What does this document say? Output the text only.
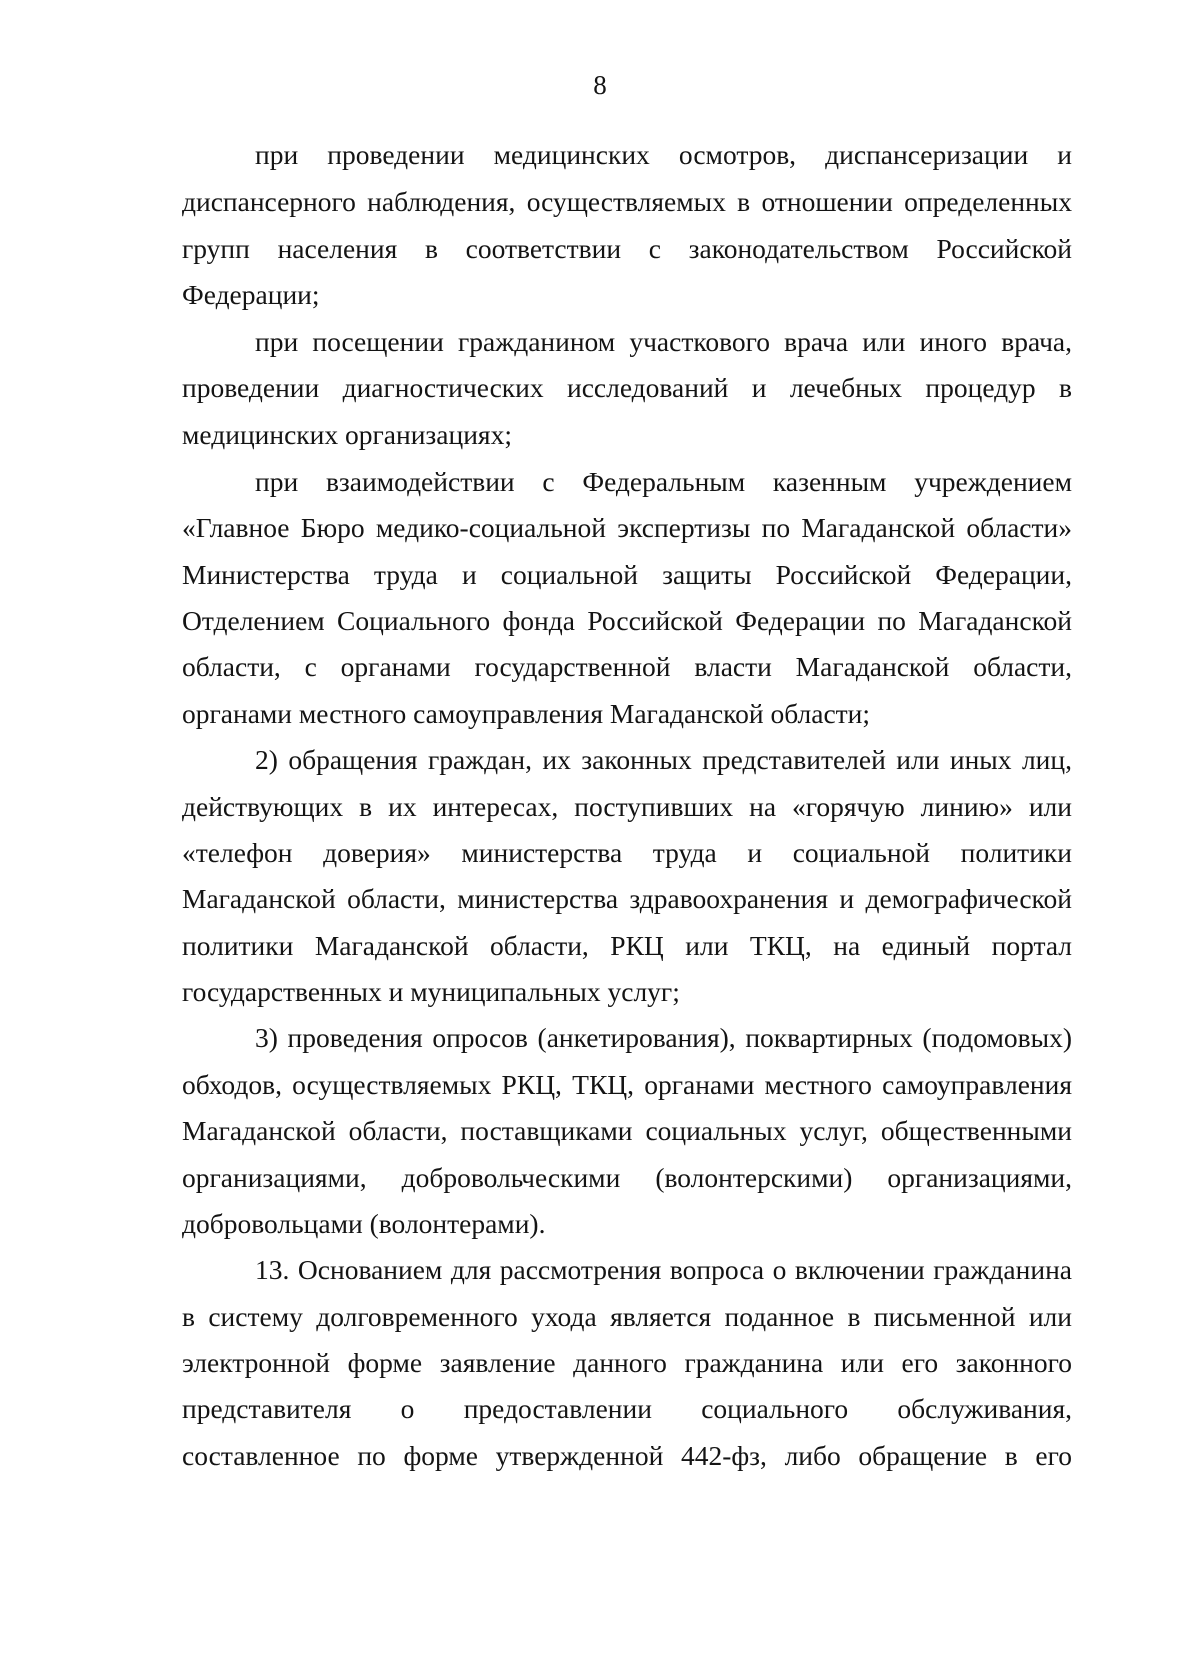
8
при проведении медицинских осмотров, диспансеризации и
диспансерного наблюдения, осуществляемых в отношении определенных
групп населения в соответствии с законодательством Российской
Федерации;
при посещении гражданином участкового врача или иного врача,
проведении диагностических исследований и лечебных процедур в
медицинских организациях;
при взаимодействии с Федеральным казенным учреждением
«Главное Бюро медико-социальной экспертизы по Магаданской области»
Министерства труда и социальной защиты Российской Федерации,
Отделением Социального фонда Российской Федерации по Магаданской
области, с органами государственной власти Магаданской области,
органами местного самоуправления Магаданской области;
2) обращения граждан, их законных представителей или иных лиц,
действующих в их интересах, поступивших на «горячую линию» или
«телефон доверия» министерства труда и социальной политики
Магаданской области, министерства здравоохранения и демографической
политики Магаданской области, РКЦ или ТКЦ, на единый портал
государственных и муниципальных услуг;
3) проведения опросов (анкетирования), поквартирных (подомовых)
обходов, осуществляемых РКЦ, ТКЦ, органами местного самоуправления
Магаданской области, поставщиками социальных услуг, общественными
организациями, добровольческими (волонтерскими) организациями,
добровольцами (волонтерами).
13. Основанием для рассмотрения вопроса о включении гражданина
в систему долговременного ухода является поданное в письменной или
электронной форме заявление данного гражданина или его законного
представителя о предоставлении социального обслуживания,
составленное по форме утвержденной 442-фз, либо обращение в его
